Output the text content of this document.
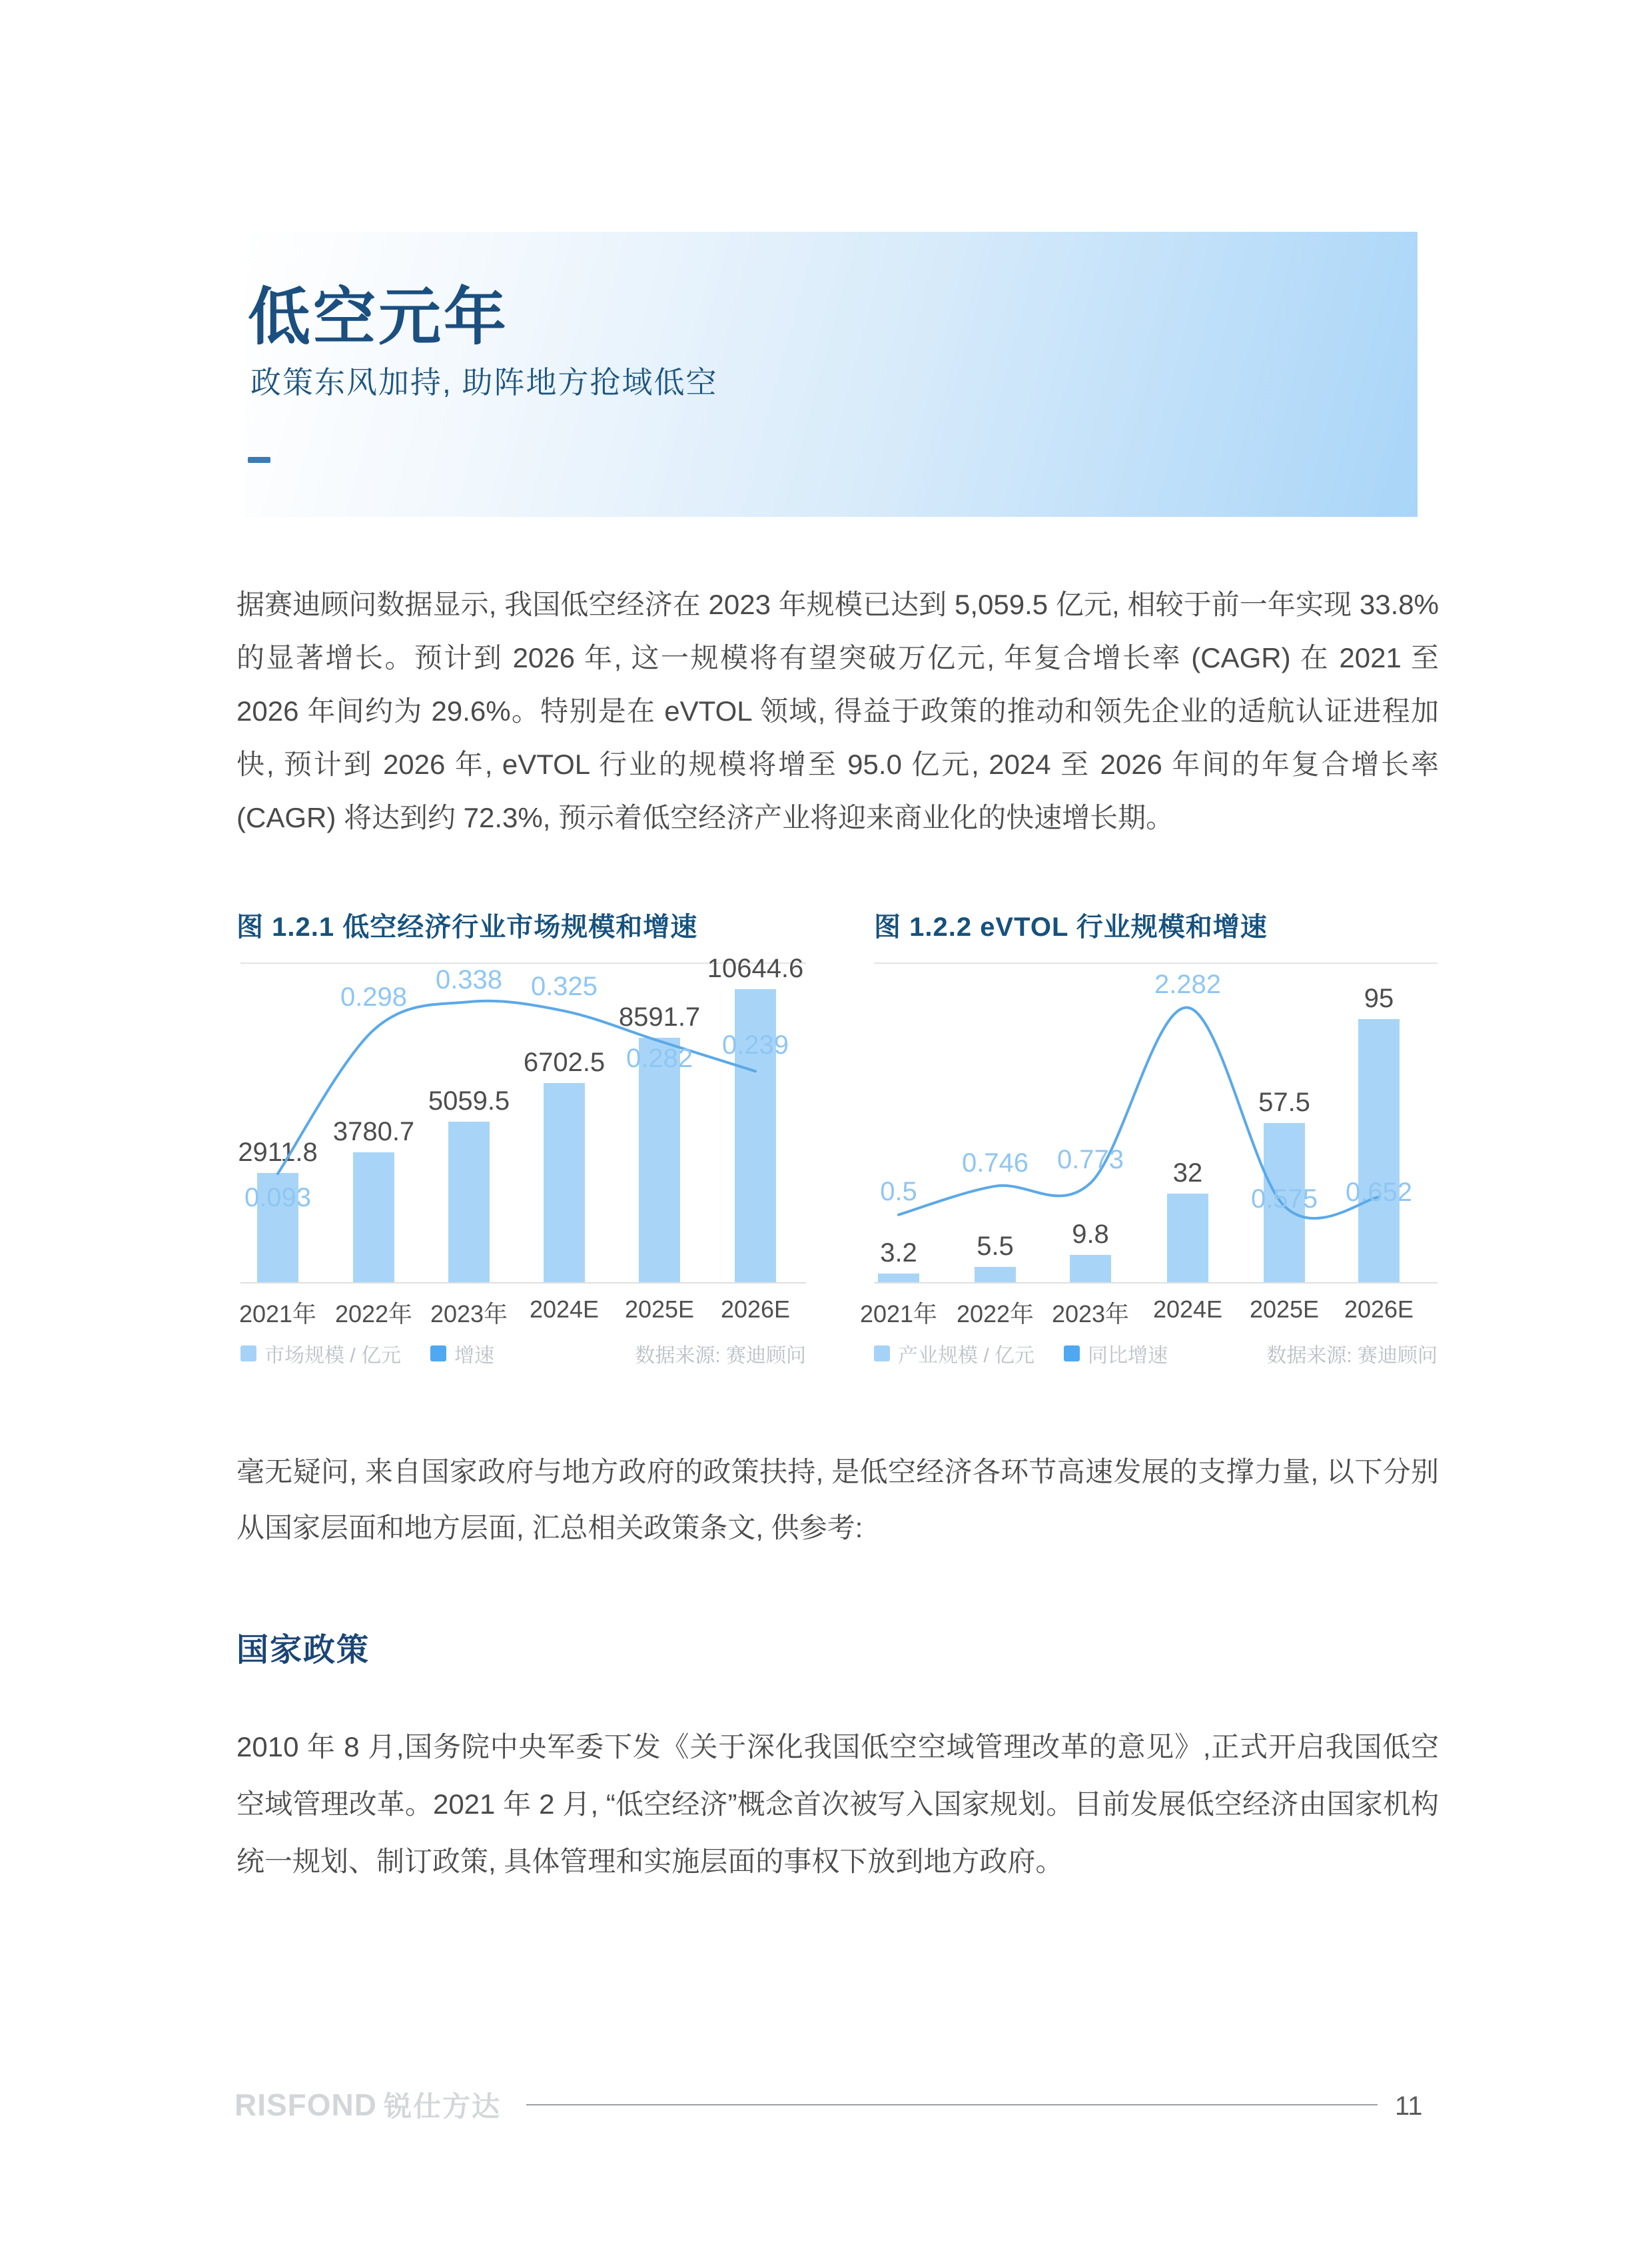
低空元年
政策东风加持, 助阵地方抢域低空
据赛迪顾问数据显示, 我国低空经济在 2023 年规模已达到 5,059.5 亿元, 相较于前一年实现 33.8% 的显著增长。预计到 2026 年, 这一规模将有望突破万亿元, 年复合增长率 (CAGR) 在 2021 至 2026 年间约为 29.6%。特别是在 eVTOL 领域, 得益于政策的推动和领先企业的适航认证进程加快, 预计到 2026 年, eVTOL 行业的规模将增至 95.0 亿元, 2024 至 2026 年间的年复合增长率 (CAGR) 将达到约 72.3%, 预示着低空经济产业将迎来商业化的快速增长期。
图 1.2.1 低空经济行业市场规模和增速	图 1.2.2 eVTOL 行业规模和增速
市场规模 / 亿元	增速	数据来源: 赛迪顾问
2911.8
2021年
3780.7
2022年
5059.5
2023年
6702.5
2024E
8591.7
2025E
10644.6
2026E
0.093
0.298
0.338 0.325
0.282 0.239
产业规模 / 亿元	同比增速	数据来源: 赛迪顾问
3.2
2021年
5.5
2022年
9.8
2023年
32
2024E
57.5
2025E
95
2026E
0.5
0.746 0.773
2.282
0.575 0.652
毫无疑问, 来自国家政府与地方政府的政策扶持, 是低空经济各环节高速发展的支撑力量, 以下分别从国家层面和地方层面, 汇总相关政策条文, 供参考:
国家政策
2010 年 8 月,国务院中央军委下发《关于深化我国低空空域管理改革的意见》,正式开启我国低空空域管理改革。2021 年 2 月, “低空经济”概念首次被写入国家规划。目前发展低空经济由国家机构统一规划、制订政策, 具体管理和实施层面的事权下放到地方政府。
RISFOND 锐仕方达	11
